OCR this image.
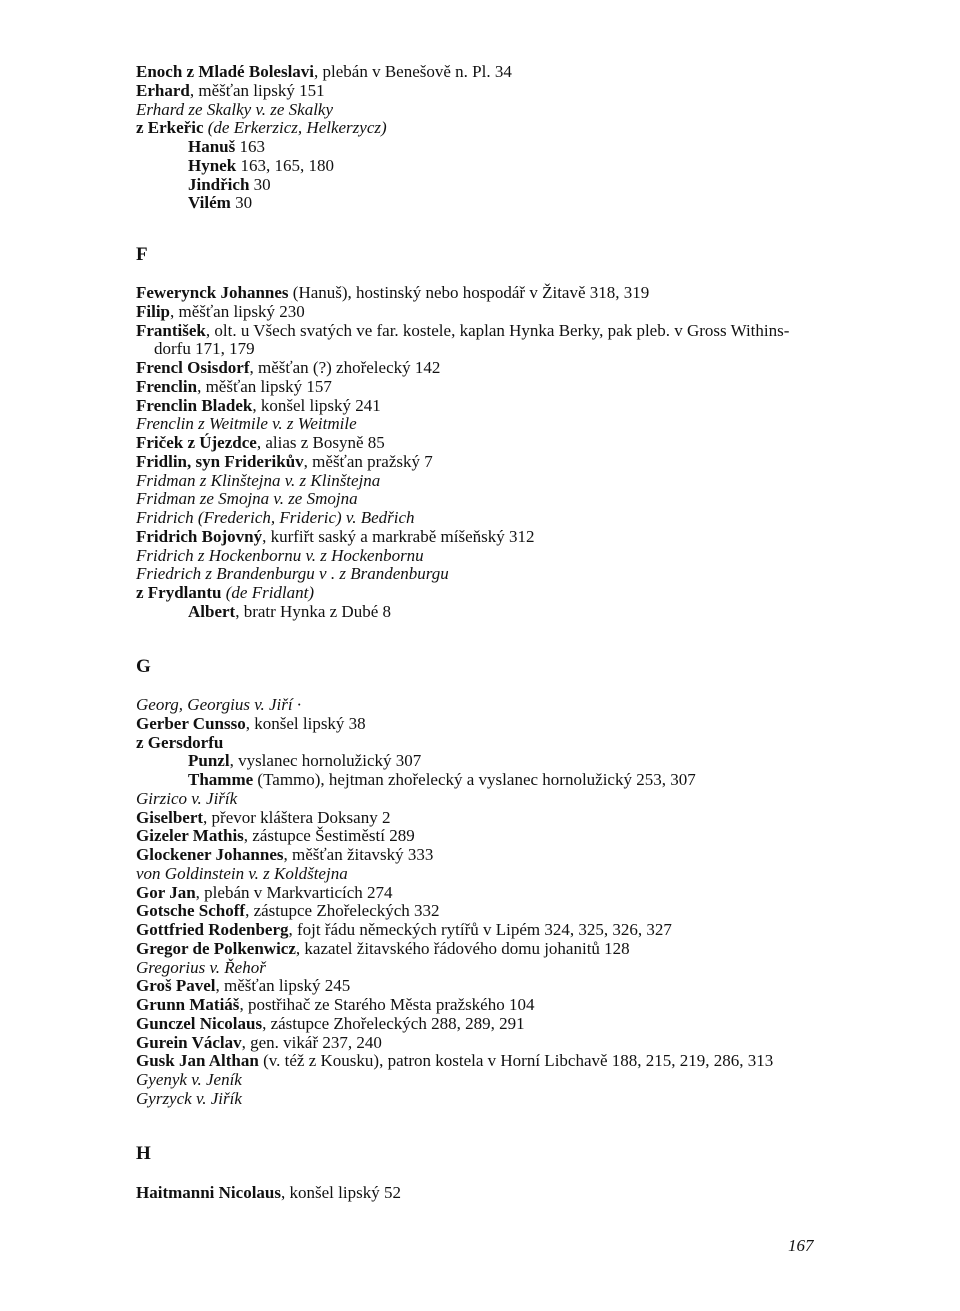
Enoch z Mladé Boleslavi, plebán v Benešově n. Pl. 34
Erhard, měšťan lipský 151
Erhard ze Skalky v. ze Skalky
z Erkeřic (de Erkerzicz, Helkerzycz)
Hanuš 163
Hynek 163, 165, 180
Jindřich 30
Vilém 30
F
Fewerynck Johannes (Hanuš), hostinský nebo hospodář v Žitavě 318, 319
Filip, měšťan lipský 230
František, olt. u Všech svatých ve far. kostele, kaplan Hynka Berky, pak pleb. v Gross Withins-
dorfu 171, 179
Frencl Osisdorf, měšťan (?) zhořelecký 142
Frenclin, měšťan lipský 157
Frenclin Bladek, konšel lipský 241
Frenclin z Weitmile v. z Weitmile
Friček z Újezdce, alias z Bosyně 85
Fridlin, syn Friderikův, měšťan pražský 7
Fridman z Klinštejna v. z Klinštejna
Fridman ze Smojna v. ze Smojna
Fridrich (Frederich, Frideric) v. Bedřich
Fridrich Bojovný, kurfiřt saský a markrabě míšeňský 312
Fridrich z Hockenbornu v. z Hockenbornu
Friedrich z Brandenburgu v . z Brandenburgu
z Frydlantu (de Fridlant)
Albert, bratr Hynka z Dubé 8
G
Georg, Georgius v. Jiří ·
Gerber Cunsso, konšel lipský 38
z Gersdorfu
Punzl, vyslanec hornolužický 307
Thamme (Tammo), hejtman zhořelecký a vyslanec hornolužický 253, 307
Girzico v. Jiřík
Giselbert, převor kláštera Doksany 2
Gizeler Mathis, zástupce Šestiměstí 289
Glockener Johannes, měšťan žitavský 333
von Goldinstein v. z Koldštejna
Gor Jan, plebán v Markvarticích 274
Gotsche Schoff, zástupce Zhořeleckých 332
Gottfried Rodenberg, fojt řádu německých rytířů v Lipém 324, 325, 326, 327
Gregor de Polkenwicz, kazatel žitavského řádového domu johanitů 128
Gregorius v. Řehoř
Groš Pavel, měšťan lipský 245
Grunn Matiáš, postřihač ze Starého Města pražského 104
Gunczel Nicolaus, zástupce Zhořeleckých 288, 289, 291
Gurein Václav, gen. vikář 237, 240
Gusk Jan Althan (v. též z Kousku), patron kostela v Horní Libchavě 188, 215, 219, 286, 313
Gyenyk v. Jeník
Gyrzyck v. Jiřík
H
Haitmanni Nicolaus, konšel lipský 52
167
